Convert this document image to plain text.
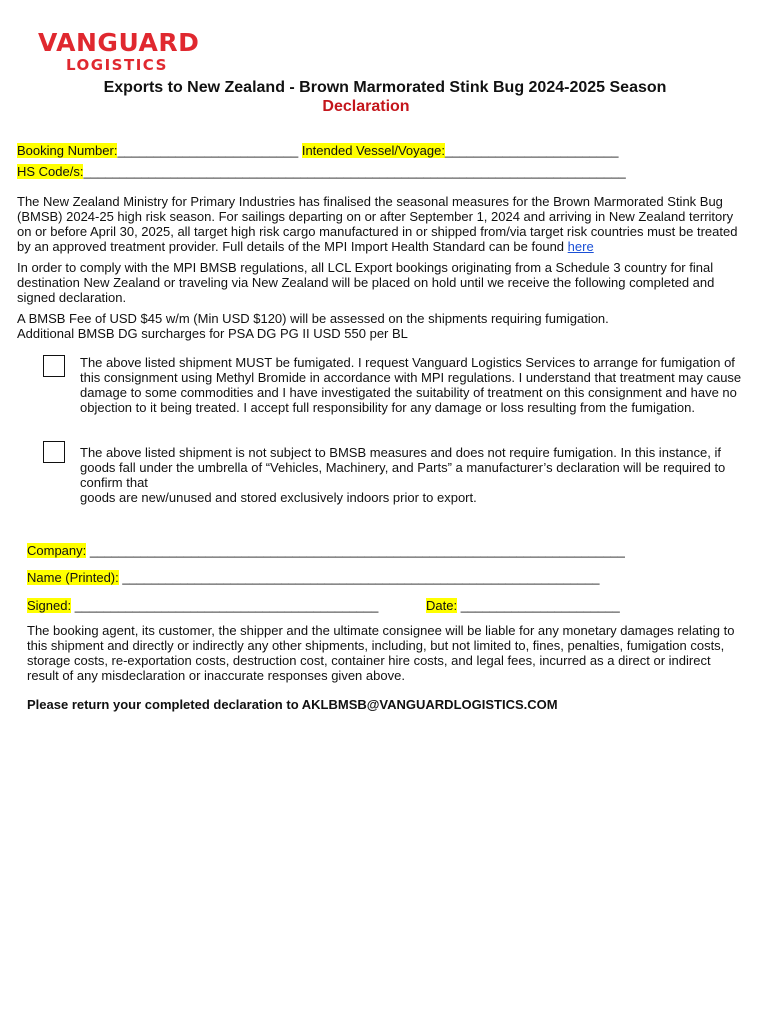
VANGUARD
LOGISTICS
Exports to New Zealand - Brown Marmorated Stink Bug 2024-2025 Season
Declaration
Booking Number:_________________________ Intended Vessel/Voyage:________________________
HS Code/s:___________________________________________________________________________
The New Zealand Ministry for Primary Industries has finalised the seasonal measures for the Brown Marmorated Stink Bug (BMSB) 2024-25 high risk season. For sailings departing on or after September 1, 2024 and arriving in New Zealand territory on or before April 30, 2025, all target high risk cargo manufactured in or shipped from/via target risk countries must be treated by an approved treatment provider. Full details of the MPI Import Health Standard can be found here
In order to comply with the MPI BMSB regulations, all LCL Export bookings originating from a Schedule 3 country for final destination New Zealand or traveling via New Zealand will be placed on hold until we receive the following completed and signed declaration.
A BMSB Fee of USD $45 w/m (Min USD $120) will be assessed on the shipments requiring fumigation.
Additional BMSB DG surcharges for PSA DG PG II USD 550 per BL
The above listed shipment MUST be fumigated. I request Vanguard Logistics Services to arrange for fumigation of this consignment using Methyl Bromide in accordance with MPI regulations. I understand that treatment may cause damage to some commodities and I have investigated the suitability of treatment on this consignment and have no objection to it being treated. I accept full responsibility for any damage or loss resulting from the fumigation.
The above listed shipment is not subject to BMSB measures and does not require fumigation. In this instance, if goods fall under the umbrella of “Vehicles, Machinery, and Parts” a manufacturer’s declaration will be required to confirm that
goods are new/unused and stored exclusively indoors prior to export.
Company: __________________________________________________________________________
Name (Printed): __________________________________________________________________
Signed: __________________________________________	Date: ______________________
The booking agent, its customer, the shipper and the ultimate consignee will be liable for any monetary damages relating to this shipment and directly or indirectly any other shipments, including, but not limited to, fines, penalties, fumigation costs, storage costs, re-exportation costs, destruction cost, container hire costs, and legal fees, incurred as a direct or indirect result of any misdeclaration or inaccurate responses given above.
Please return your completed declaration to AKLBMSB@VANGUARDLOGISTICS.COM
